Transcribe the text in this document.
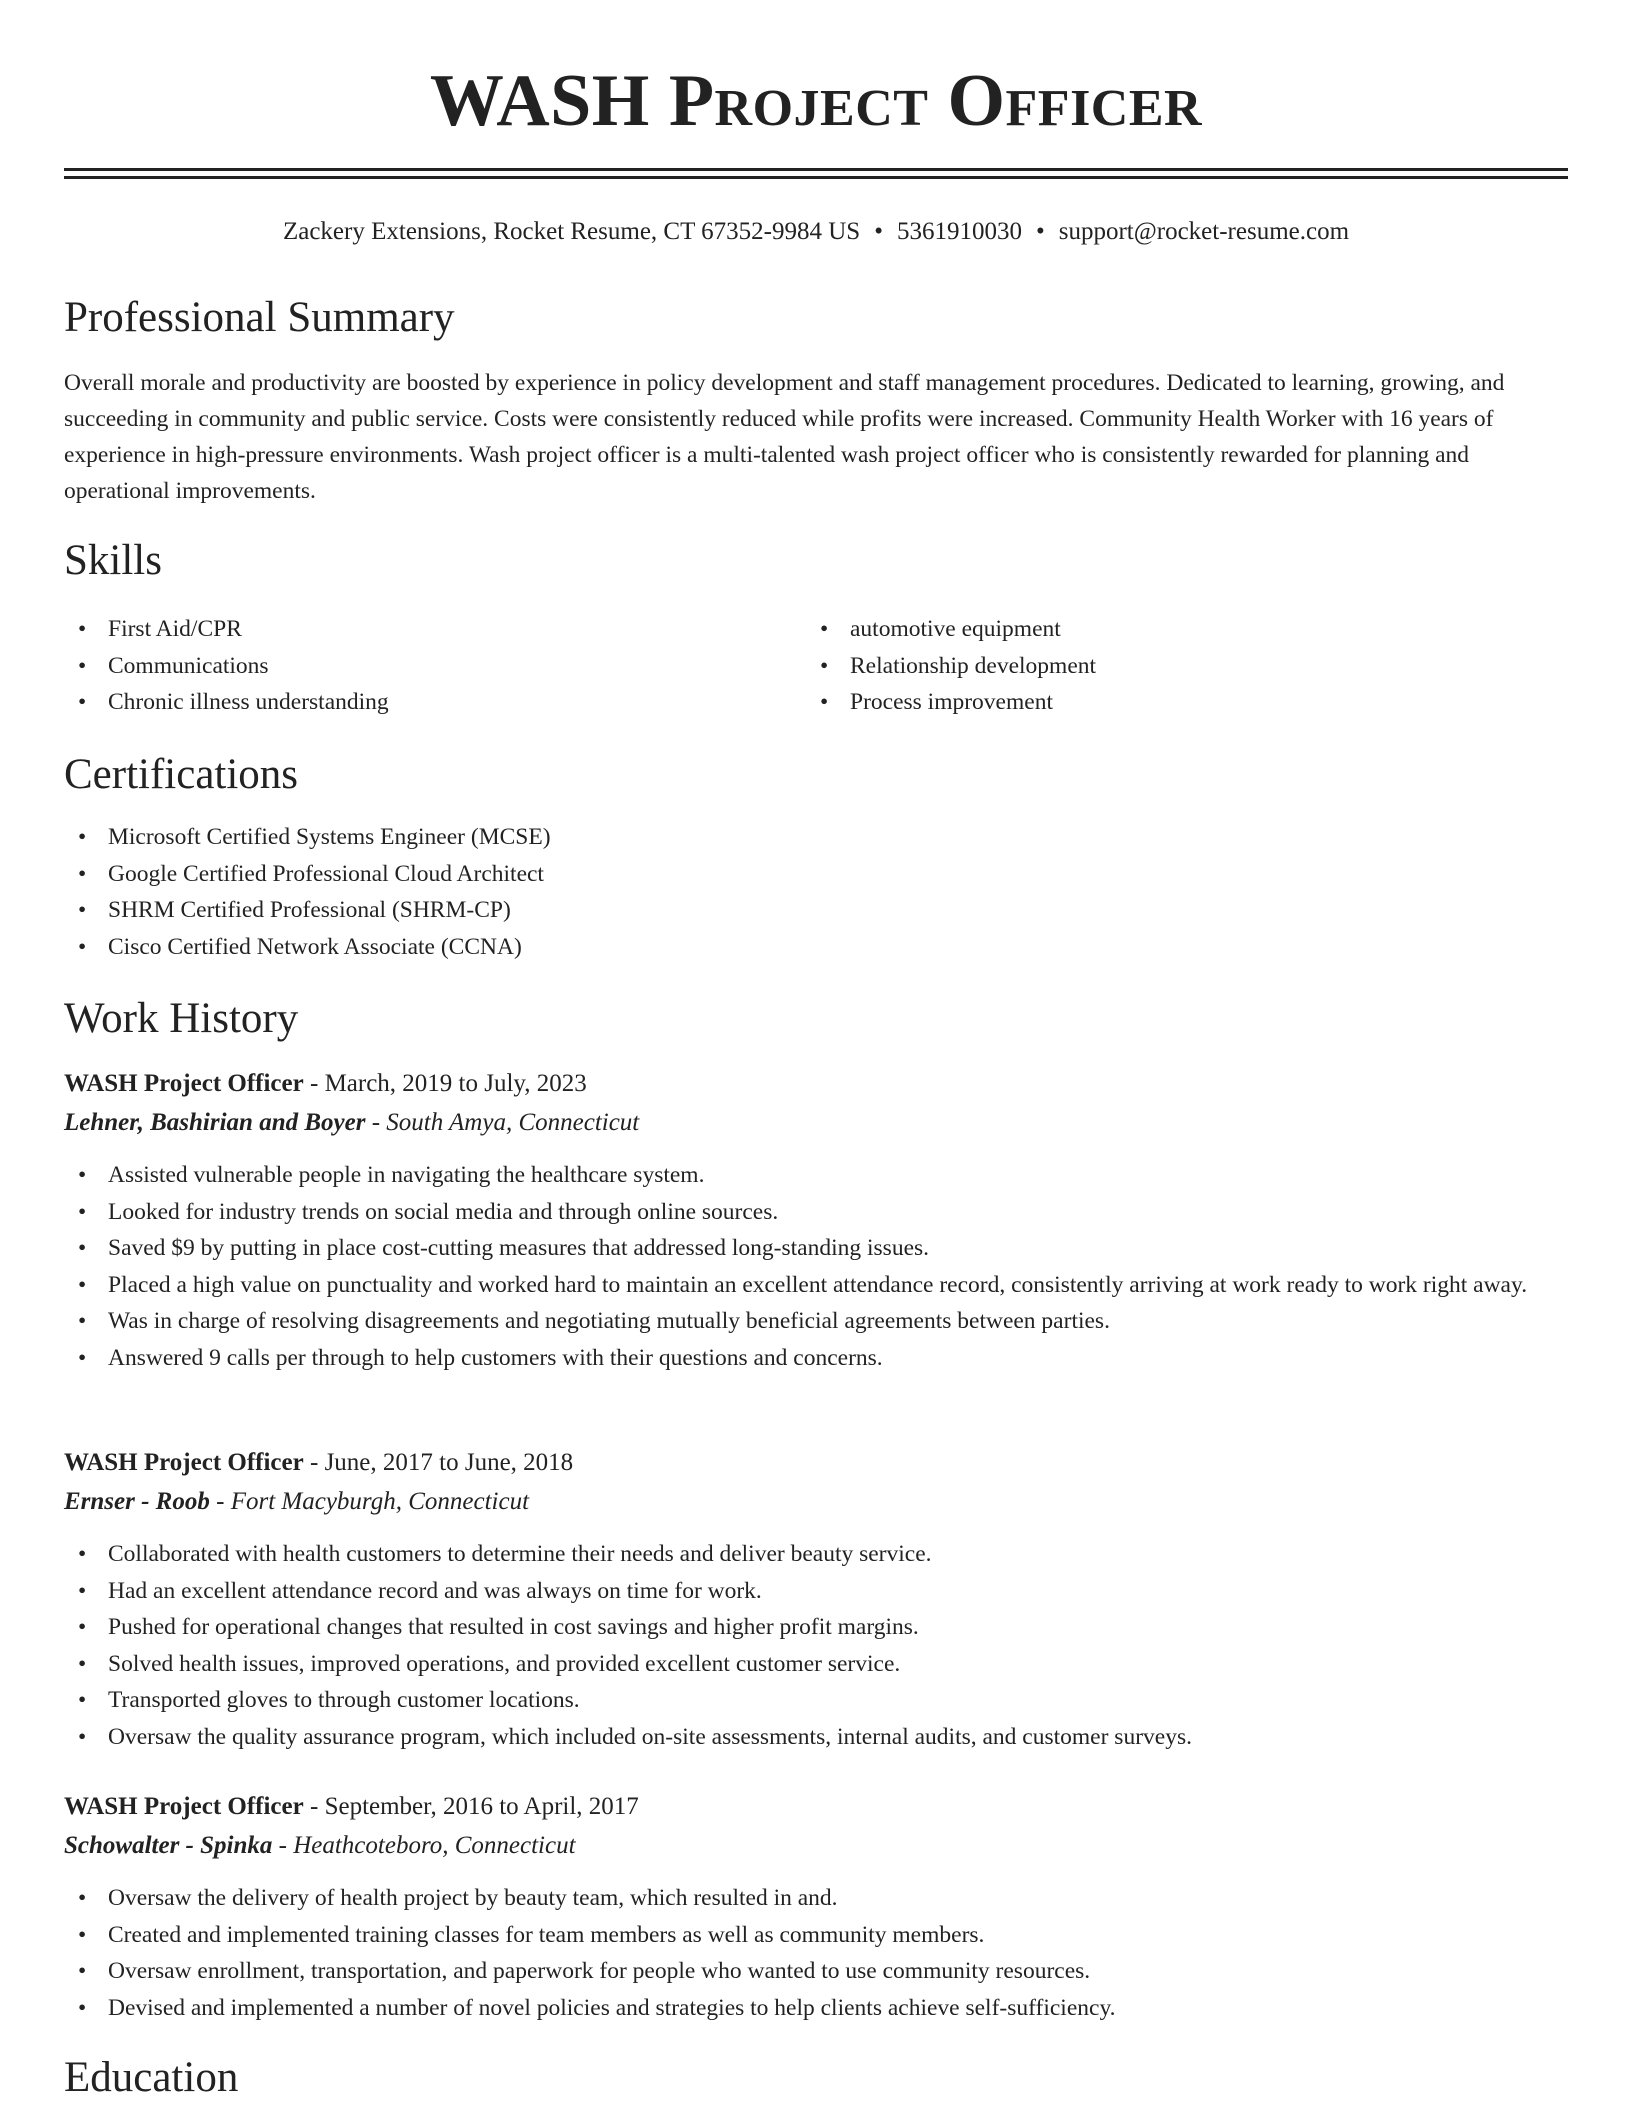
WASH Project Officer
Zackery Extensions, Rocket Resume, CT 67352-9984 US • 5361910030 • support@rocket-resume.com
Professional Summary

Overall morale and productivity are boosted by experience in policy development and staff management procedures. Dedicated to learning, growing, and succeeding in community and public service. Costs were consistently reduced while profits were increased. Community Health Worker with 16 years of experience in high-pressure environments. Wash project officer is a multi-talented wash project officer who is consistently rewarded for planning and operational improvements.

Skills
• First Aid/CPR
• Communications
• Chronic illness understanding
• automotive equipment
• Relationship development
• Process improvement
Certifications
• Microsoft Certified Systems Engineer (MCSE)
• Google Certified Professional Cloud Architect
• SHRM Certified Professional (SHRM-CP)
• Cisco Certified Network Associate (CCNA)
Work History
WASH Project Officer - March, 2019 to July, 2023
Lehner, Bashirian and Boyer - South Amya, Connecticut
• Assisted vulnerable people in navigating the healthcare system.
• Looked for industry trends on social media and through online sources.
• Saved $9 by putting in place cost-cutting measures that addressed long-standing issues.
• Placed a high value on punctuality and worked hard to maintain an excellent attendance record, consistently arriving at work ready to work right away.
• Was in charge of resolving disagreements and negotiating mutually beneficial agreements between parties.
• Answered 9 calls per through to help customers with their questions and concerns.
WASH Project Officer - June, 2017 to June, 2018
Ernser - Roob - Fort Macyburgh, Connecticut
• Collaborated with health customers to determine their needs and deliver beauty service.
• Had an excellent attendance record and was always on time for work.
• Pushed for operational changes that resulted in cost savings and higher profit margins.
• Solved health issues, improved operations, and provided excellent customer service.
• Transported gloves to through customer locations.
• Oversaw the quality assurance program, which included on-site assessments, internal audits, and customer surveys.
WASH Project Officer - September, 2016 to April, 2017
Schowalter - Spinka - Heathcoteboro, Connecticut
• Oversaw the delivery of health project by beauty team, which resulted in and.
• Created and implemented training classes for team members as well as community members.
• Oversaw enrollment, transportation, and paperwork for people who wanted to use community resources.
• Devised and implemented a number of novel policies and strategies to help clients achieve self-sufficiency.
Education
